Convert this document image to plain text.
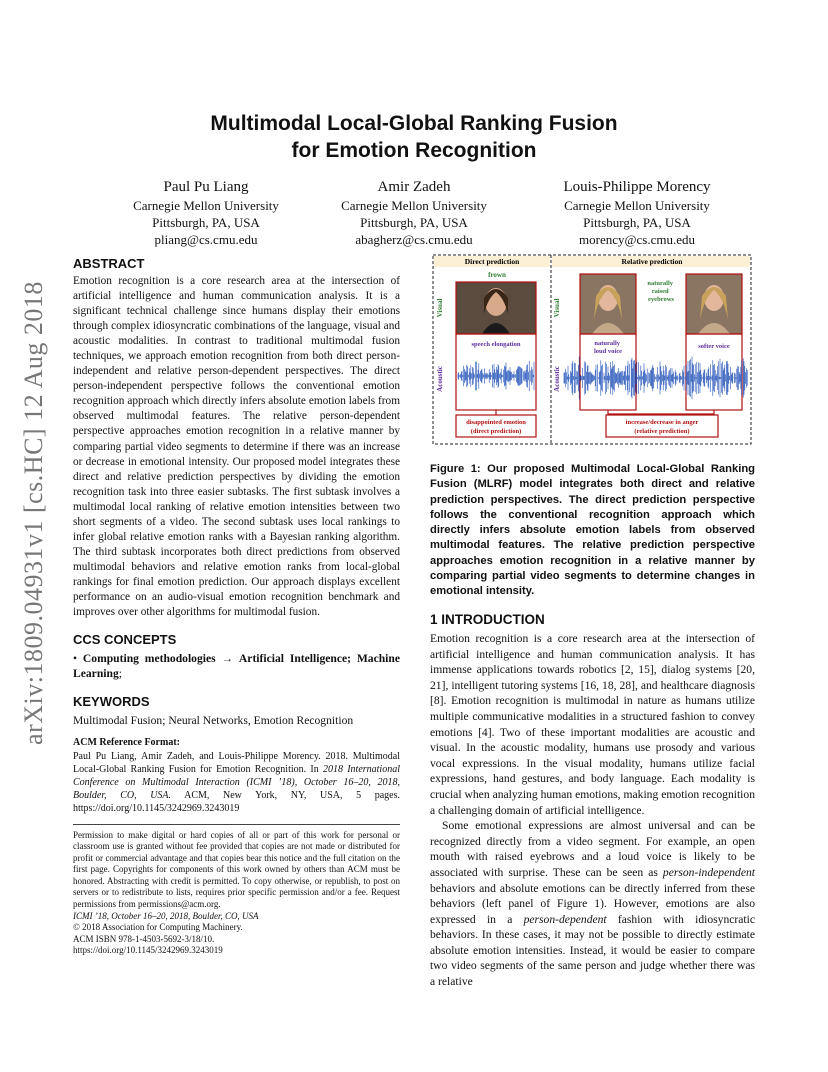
arXiv:1809.04931v1 [cs.HC] 12 Aug 2018
Multimodal Local-Global Ranking Fusion
for Emotion Recognition
Paul Pu Liang
Carnegie Mellon University
Pittsburgh, PA, USA
pliang@cs.cmu.edu
Amir Zadeh
Carnegie Mellon University
Pittsburgh, PA, USA
abagherz@cs.cmu.edu
Louis-Philippe Morency
Carnegie Mellon University
Pittsburgh, PA, USA
morency@cs.cmu.edu
ABSTRACT
Emotion recognition is a core research area at the intersection of artificial intelligence and human communication analysis. It is a significant technical challenge since humans display their emotions through complex idiosyncratic combinations of the language, visual and acoustic modalities. In contrast to traditional multimodal fusion techniques, we approach emotion recognition from both direct person-independent and relative person-dependent perspectives. The direct person-independent perspective follows the conventional emotion recognition approach which directly infers absolute emotion labels from observed multimodal features. The relative person-dependent perspective approaches emotion recognition in a relative manner by comparing partial video segments to determine if there was an increase or decrease in emotional intensity. Our proposed model integrates these direct and relative prediction perspectives by dividing the emotion recognition task into three easier subtasks. The first subtask involves a multimodal local ranking of relative emotion intensities between two short segments of a video. The second subtask uses local rankings to infer global relative emotion ranks with a Bayesian ranking algorithm. The third subtask incorporates both direct predictions from observed multimodal behaviors and relative emotion ranks from local-global rankings for final emotion prediction. Our approach displays excellent performance on an audio-visual emotion recognition benchmark and improves over other algorithms for multimodal fusion.
CCS CONCEPTS
• Computing methodologies → Artificial Intelligence; Machine Learning;
KEYWORDS
Multimodal Fusion; Neural Networks, Emotion Recognition
ACM Reference Format:
Paul Pu Liang, Amir Zadeh, and Louis-Philippe Morency. 2018. Multimodal Local-Global Ranking Fusion for Emotion Recognition. In 2018 International Conference on Multimodal Interaction (ICMI ’18), October 16–20, 2018, Boulder, CO, USA. ACM, New York, NY, USA, 5 pages. https://doi.org/10.1145/3242969.3243019
Permission to make digital or hard copies of all or part of this work for personal or classroom use is granted without fee provided that copies are not made or distributed for profit or commercial advantage and that copies bear this notice and the full citation on the first page. Copyrights for components of this work owned by others than ACM must be honored. Abstracting with credit is permitted. To copy otherwise, or republish, to post on servers or to redistribute to lists, requires prior specific permission and/or a fee. Request permissions from permissions@acm.org.
ICMI ’18, October 16–20, 2018, Boulder, CO, USA
© 2018 Association for Computing Machinery.
ACM ISBN 978-1-4503-5692-3/18/10.
https://doi.org/10.1145/3242969.3243019
Direct prediction	Relative prediction
Visual
Acoustic
Visual
Acoustic
frown
naturally raised eyebrows
speech elongation	naturally loud voice
softer voice
disappointed emotion
(direct prediction)
increase/decrease in anger
(relative prediction)
Figure 1: Our proposed Multimodal Local-Global Ranking Fusion (MLRF) model integrates both direct and relative prediction perspectives. The direct prediction perspective follows the conventional recognition approach which directly infers absolute emotion labels from observed multimodal features. The relative prediction perspective approaches emotion recognition in a relative manner by comparing partial video segments to determine changes in emotional intensity.
1 INTRODUCTION
Emotion recognition is a core research area at the intersection of artificial intelligence and human communication analysis. It has immense applications towards robotics [2, 15], dialog systems [20, 21], intelligent tutoring systems [16, 18, 28], and healthcare diagnosis [8]. Emotion recognition is multimodal in nature as humans utilize multiple communicative modalities in a structured fashion to convey emotions [4]. Two of these important modalities are acoustic and visual. In the acoustic modality, humans use prosody and various vocal expressions. In the visual modality, humans utilize facial expressions, hand gestures, and body language. Each modality is crucial when analyzing human emotions, making emotion recognition a challenging domain of artificial intelligence.
Some emotional expressions are almost universal and can be recognized directly from a video segment. For example, an open mouth with raised eyebrows and a loud voice is likely to be associated with surprise. These can be seen as person-independent behaviors and absolute emotions can be directly inferred from these behaviors (left panel of Figure 1). However, emotions are also expressed in a person-dependent fashion with idiosyncratic behaviors. In these cases, it may not be possible to directly estimate absolute emotion intensities. Instead, it would be easier to compare two video segments of the same person and judge whether there was a relative
